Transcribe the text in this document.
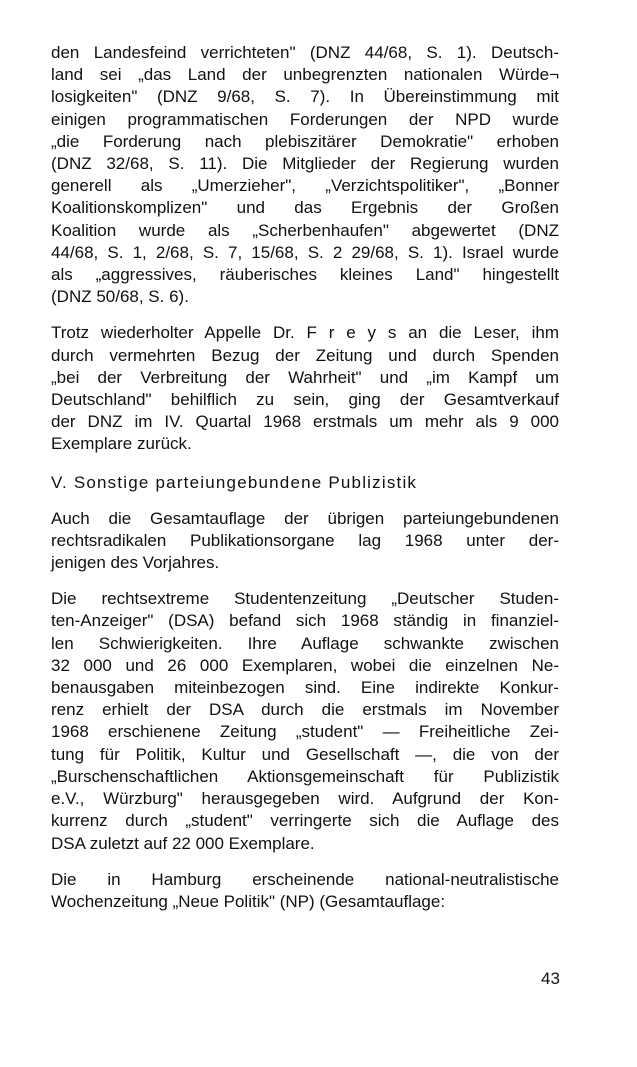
den Landesfeind verrichteten" (DNZ 44/68, S. 1). Deutsch-
land sei „das Land der unbegrenzten nationalen Würde¬
losigkeiten" (DNZ 9/68, S. 7). In Übereinstimmung mit
einigen programmatischen Forderungen der NPD wurde
„die Forderung nach plebiszitärer Demokratie" erhoben
(DNZ 32/68, S. 11). Die Mitglieder der Regierung wurden
generell als „Umerzieher", „Verzichtspolitiker", „Bonner
Koalitionskomplizen" und das Ergebnis der Großen
Koalition wurde als „Scherbenhaufen" abgewertet (DNZ
44/68, S. 1, 2/68, S. 7, 15/68, S. 2 29/68, S. 1). Israel wurde
als „aggressives, räuberisches kleines Land" hingestellt
(DNZ 50/68, S. 6).
Trotz wiederholter Appelle Dr. F r e y s an die Leser, ihm
durch vermehrten Bezug der Zeitung und durch Spenden
„bei der Verbreitung der Wahrheit" und „im Kampf um
Deutschland" behilflich zu sein, ging der Gesamtverkauf
der DNZ im IV. Quartal 1968 erstmals um mehr als 9 000
Exemplare zurück.
V. Sonstige parteiungebundene Publizistik
Auch die Gesamtauflage der übrigen parteiungebundenen
rechtsradikalen Publikationsorgane lag 1968 unter der-
jenigen des Vorjahres.
Die rechtsextreme Studentenzeitung „Deutscher Studen-
ten-Anzeiger" (DSA) befand sich 1968 ständig in finanziel-
len Schwierigkeiten. Ihre Auflage schwankte zwischen
32 000 und 26 000 Exemplaren, wobei die einzelnen Ne-
benausgaben miteinbezogen sind. Eine indirekte Konkur-
renz erhielt der DSA durch die erstmals im November
1968 erschienene Zeitung „student" — Freiheitliche Zei-
tung für Politik, Kultur und Gesellschaft —, die von der
„Burschenschaftlichen Aktionsgemeinschaft für Publizistik
e.V., Würzburg" herausgegeben wird. Aufgrund der Kon-
kurrenz durch „student" verringerte sich die Auflage des
DSA zuletzt auf 22 000 Exemplare.
Die in Hamburg erscheinende national-neutralistische
Wochenzeitung „Neue Politik" (NP) (Gesamtauflage:
43
